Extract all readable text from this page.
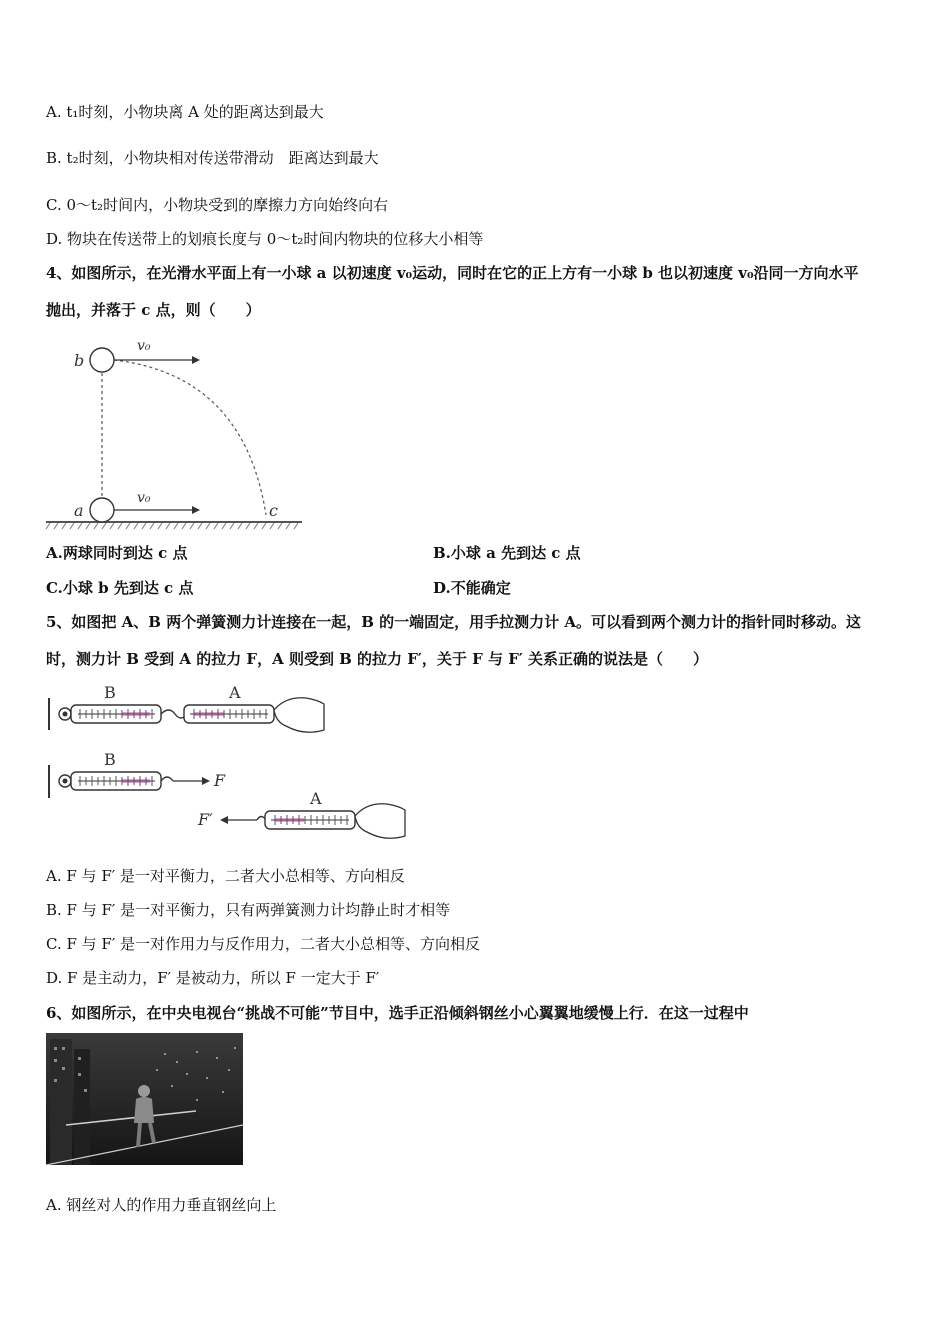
A. t₁时刻，小物块离 A 处的距离达到最大
B. t₂时刻，小物块相对传送带滑动　距离达到最大
C. 0～t₂时间内，小物块受到的摩擦力方向始终向右
D. 物块在传送带上的划痕长度与 0～t₂时间内物块的位移大小相等
4、如图所示，在光滑水平面上有一小球 a 以初速度 v₀运动，同时在它的正上方有一小球 b 也以初速度 v₀沿同一方向水平
抛出，并落于 c 点，则（　　）
b
a	c
v₀
v₀
A.两球同时到达 c 点	B.小球 a 先到达 c 点
C.小球 b 先到达 c 点	D.不能确定
5、如图把 A、B 两个弹簧测力计连接在一起，B 的一端固定，用手拉测力计 A。可以看到两个测力计的指针同时移动。这
时，测力计 B 受到 A 的拉力 F，A 则受到 B 的拉力 F′，关于 F 与 F′ 关系正确的说法是（　　）
B	A
B
F
F′
A
A. F 与 F′ 是一对平衡力，二者大小总相等、方向相反
B. F 与 F′ 是一对平衡力，只有两弹簧测力计均静止时才相等
C. F 与 F′ 是一对作用力与反作用力，二者大小总相等、方向相反
D. F 是主动力，F′ 是被动力，所以 F 一定大于 F′
6、如图所示，在中央电视台“挑战不可能”节目中，选手正沿倾斜钢丝小心翼翼地缓慢上行．在这一过程中
A. 钢丝对人的作用力垂直钢丝向上
